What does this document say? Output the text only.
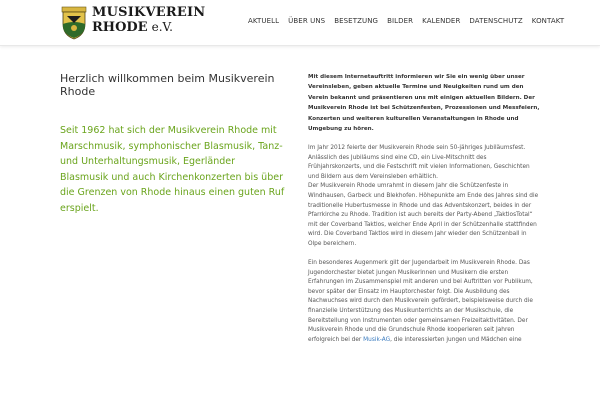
MUSIKVEREIN
RHODE e.V.	AKTUELL ÜBER UNS BESETZUNG BILDER KALENDER DATENSCHUTZ KONTAKT
Herzlich willkommen beim Musikverein Rhode

Seit 1962 hat sich der Musikverein Rhode mit Marschmusik, symphonischer Blasmusik, Tanz- und Unterhaltungsmusik, Egerländer Blasmusik und auch Kirchenkonzerten bis über die Grenzen von Rhode hinaus einen guten Ruf erspielt.

Mit diesem Internetauftritt informieren wir Sie ein wenig über unser Vereinsleben, geben aktuelle Termine und Neuigkeiten rund um den Verein bekannt und präsentieren uns mit einigen aktuellen Bildern. Der Musikverein Rhode ist bei Schützenfesten, Prozessionen und Messfeiern, Konzerten und weiteren kulturellen Veranstaltungen in Rhode und Umgebung zu hören.

Im Jahr 2012 feierte der Musikverein Rhode sein 50-jähriges Jubiläumsfest. Anlässlich des Jubiläums sind eine CD, ein Live-Mitschnitt des Frühjahrskonzerts, und die Festschrift mit vielen Informationen, Geschichten und Bildern aus dem Vereinsleben erhältlich.
Der Musikverein Rhode umrahmt in diesem Jahr die Schützenfeste in Windhausen, Garbeck und Blekhofen. Höhepunkte am Ende des Jahres sind die traditionelle Hubertusmesse in Rhode und das Adventskonzert, beides in der Pfarrkirche zu Rhode. Tradition ist auch bereits der Party-Abend „TaktlosTotal“ mit der Coverband Taktlos, welcher Ende April in der Schützenhalle stattfinden wird. Die Coverband Taktlos wird in diesem Jahr wieder den Schützenball in Olpe bereichern.

Ein besonderes Augenmerk gilt der Jugendarbeit im Musikverein Rhode. Das Jugendorchester bietet jungen Musikerinnen und Musikern die ersten Erfahrungen im Zusammenspiel mit anderen und bei Auftritten vor Publikum, bevor später der Einsatz im Hauptorchester folgt. Die Ausbildung des Nachwuchses wird durch den Musikverein gefördert, beispielsweise durch die finanzielle Unterstützung des Musikunterrichts an der Musikschule, die Bereitstellung von Instrumenten oder gemeinsamen Freizeitaktivitäten. Der Musikverein Rhode und die Grundschule Rhode kooperieren seit Jahren erfolgreich bei der Musik-AG, die interessierten jungen und Mädchen eine
